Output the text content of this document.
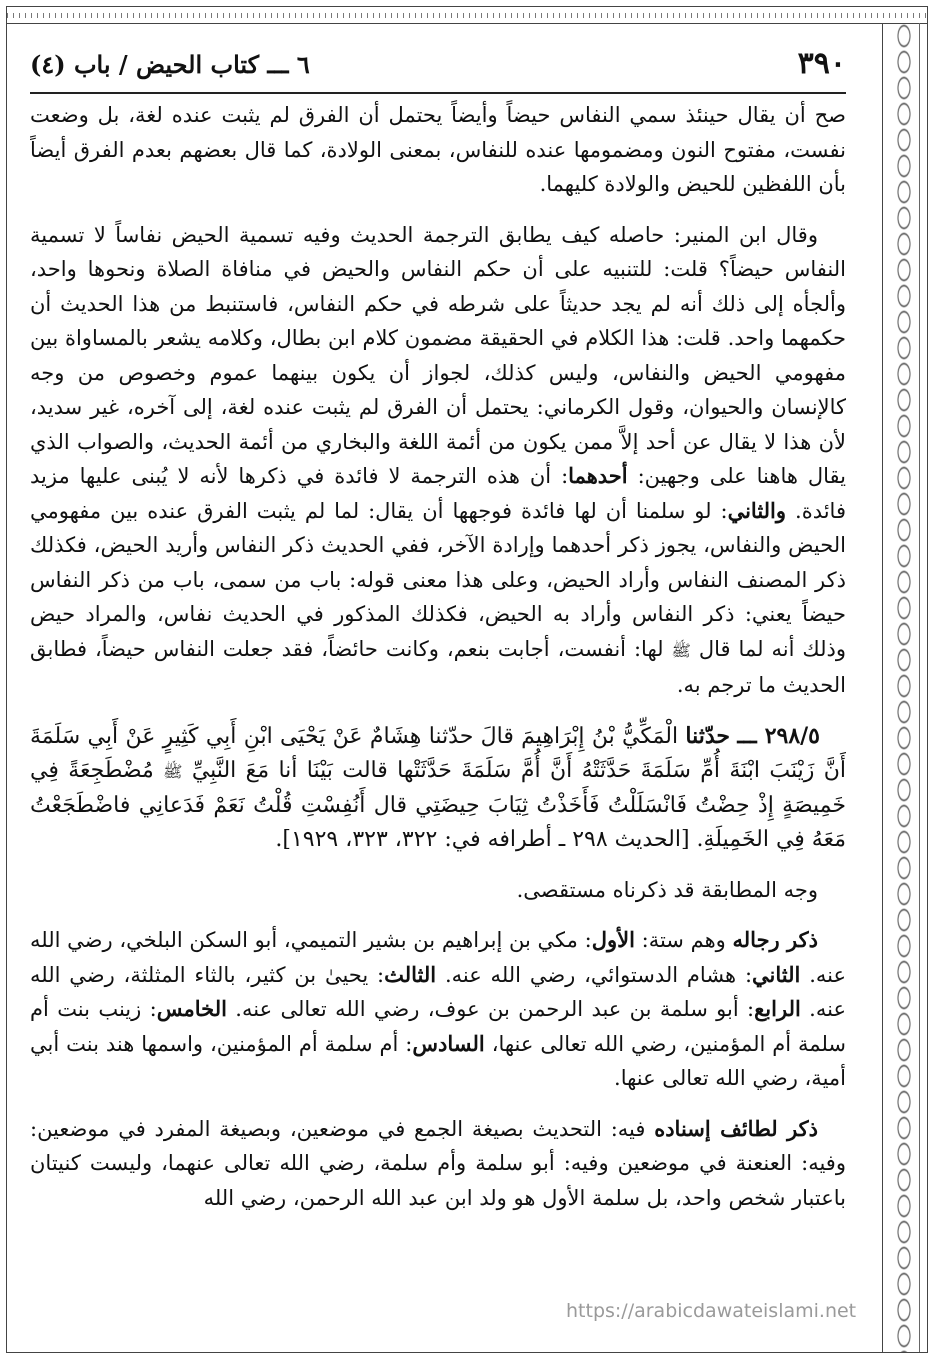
٣٩٠
٦ ـــ كتاب الحيض / باب (٤)

صح أن يقال حينئذ سمي النفاس حيضاً وأيضاً يحتمل أن الفرق لم يثبت عنده لغة، بل وضعت نفست، مفتوح النون ومضمومها عنده للنفاس، بمعنى الولادة، كما قال بعضهم بعدم الفرق أيضاً بأن اللفظين للحيض والولادة كليهما.

وقال ابن المنير: حاصله كيف يطابق الترجمة الحديث وفيه تسمية الحيض نفاساً لا تسمية النفاس حيضاً؟ قلت: للتنبيه على أن حكم النفاس والحيض في منافاة الصلاة ونحوها واحد، وألجأه إلى ذلك أنه لم يجد حديثاً على شرطه في حكم النفاس، فاستنبط من هذا الحديث أن حكمهما واحد. قلت: هذا الكلام في الحقيقة مضمون كلام ابن بطال، وكلامه يشعر بالمساواة بين مفهومي الحيض والنفاس، وليس كذلك، لجواز أن يكون بينهما عموم وخصوص من وجه كالإنسان والحيوان، وقول الكرماني: يحتمل أن الفرق لم يثبت عنده لغة، إلى آخره، غير سديد، لأن هذا لا يقال عن أحد إلاَّ ممن يكون من أئمة اللغة والبخاري من أئمة الحديث، والصواب الذي يقال هاهنا على وجهين: أحدهما: أن هذه الترجمة لا فائدة في ذكرها لأنه لا يُبنى عليها مزيد فائدة. والثاني: لو سلمنا أن لها فائدة فوجهها أن يقال: لما لم يثبت الفرق عنده بين مفهومي الحيض والنفاس، يجوز ذكر أحدهما وإرادة الآخر، ففي الحديث ذكر النفاس وأريد الحيض، فكذلك ذكر المصنف النفاس وأراد الحيض، وعلى هذا معنى قوله: باب من سمى، باب من ذكر النفاس حيضاً يعني: ذكر النفاس وأراد به الحيض، فكذلك المذكور في الحديث نفاس، والمراد حيض وذلك أنه لما قال ﷺ لها: أنفست، أجابت بنعم، وكانت حائضاً، فقد جعلت النفاس حيضاً، فطابق الحديث ما ترجم به.

٢٩٨/٥ ـــ حدّثنا الْمَكِّيُّ بْنُ إِبْرَاهِيمَ قالَ حدّثنا هِشَامٌ عَنْ يَحْيَى ابْنِ أَبِي كَثِيرٍ عَنْ أَبِي سَلَمَةَ أَنَّ زَيْنَبَ ابْنَةَ أُمِّ سَلَمَةَ حَدَّثَتْهُ أَنَّ أُمَّ سَلَمَةَ حَدَّثَتْها قالت بَيْنَا أنا مَعَ النَّبِيِّ ﷺ مُضْطَجِعَةً فِي خَمِيصَةٍ إِذْ حِضْتُ فَانْسَلَلْتُ فَأَخَذْتُ ثِيَابَ حِيضَتِي قال أَنُفِسْتِ قُلْتُ نَعَمْ فَدَعانِي فاضْطَجَعْتُ مَعَهُ فِي الخَمِيلَةِ. [الحديث ٢٩٨ ـ أطرافه في: ٣٢٢، ٣٢٣، ١٩٢٩].

وجه المطابقة قد ذكرناه مستقصى.

ذكر رجاله وهم ستة: الأول: مكي بن إبراهيم بن بشير التميمي، أبو السكن البلخي، رضي الله عنه. الثاني: هشام الدستوائي، رضي الله عنه. الثالث: يحيىٰ بن كثير، بالثاء المثلثة، رضي الله عنه. الرابع: أبو سلمة بن عبد الرحمن بن عوف، رضي الله تعالى عنه. الخامس: زينب بنت أم سلمة أم المؤمنين، رضي الله تعالى عنها، السادس: أم سلمة أم المؤمنين، واسمها هند بنت أبي أمية، رضي الله تعالى عنها.

ذكر لطائف إسناده فيه: التحديث بصيغة الجمع في موضعين، وبصيغة المفرد في موضعين: وفيه: العنعنة في موضعين وفيه: أبو سلمة وأم سلمة، رضي الله تعالى عنهما، وليست كنيتان باعتبار شخص واحد، بل سلمة الأول هو ولد ابن عبد الله الرحمن، رضي الله

https://arabicdawateislami.net
